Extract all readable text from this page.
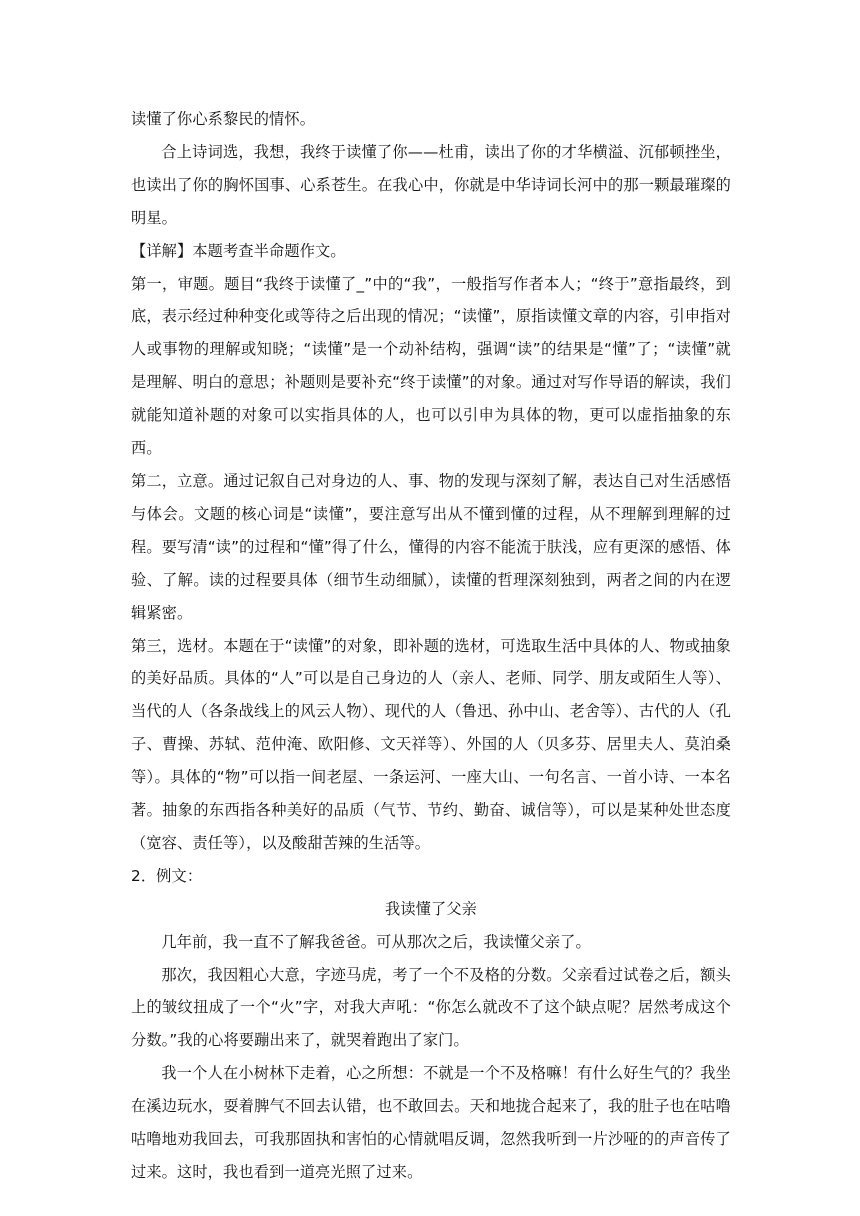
读懂了你心系黎民的情怀。

合上诗词选，我想，我终于读懂了你——杜甫，读出了你的才华横溢、沉郁顿挫坐，也读出了你的胸怀国事、心系苍生。在我心中，你就是中华诗词长河中的那一颗最璀璨的明星。

【详解】本题考查半命题作文。

第一，审题。题目“我终于读懂了_”中的“我”，一般指写作者本人；“终于”意指最终，到底，表示经过种种变化或等待之后出现的情况；“读懂”，原指读懂文章的内容，引申指对人或事物的理解或知晓；“读懂”是一个动补结构，强调“读”的结果是“懂”了；“读懂”就是理解、明白的意思；补题则是要补充“终于读懂”的对象。通过对写作导语的解读，我们就能知道补题的对象可以实指具体的人，也可以引申为具体的物，更可以虚指抽象的东西。

第二，立意。通过记叙自己对身边的人、事、物的发现与深刻了解，表达自己对生活感悟与体会。文题的核心词是“读懂”，要注意写出从不懂到懂的过程，从不理解到理解的过程。要写清“读”的过程和“懂”得了什么，懂得的内容不能流于肤浅，应有更深的感悟、体验、了解。读的过程要具体（细节生动细腻），读懂的哲理深刻独到，两者之间的内在逻辑紧密。

第三，选材。本题在于“读懂”的对象，即补题的选材，可选取生活中具体的人、物或抽象的美好品质。具体的“人”可以是自己身边的人（亲人、老师、同学、朋友或陌生人等）、当代的人（各条战线上的风云人物）、现代的人（鲁迅、孙中山、老舍等）、古代的人（孔子、曹操、苏轼、范仲淹、欧阳修、文天祥等）、外国的人（贝多芬、居里夫人、莫泊桑等）。具体的“物”可以指一间老屋、一条运河、一座大山、一句名言、一首小诗、一本名著。抽象的东西指各种美好的品质（气节、节约、勤奋、诚信等），可以是某种处世态度（宽容、责任等），以及酸甜苦辣的生活等。

2．例文：

我读懂了父亲

几年前，我一直不了解我爸爸。可从那次之后，我读懂父亲了。

那次，我因粗心大意，字迹马虎，考了一个不及格的分数。父亲看过试卷之后，额头上的皱纹扭成了一个“火”字，对我大声吼：“你怎么就改不了这个缺点呢？居然考成这个分数。”我的心将要蹦出来了，就哭着跑出了家门。

我一个人在小树林下走着，心之所想：不就是一个不及格嘛！有什么好生气的？我坐在溪边玩水，耍着脾气不回去认错，也不敢回去。天和地拢合起来了，我的肚子也在咕噜咕噜地劝我回去，可我那固执和害怕的心情就唱反调，忽然我听到一片沙哑的的声音传了过来。这时，我也看到一道亮光照了过来。
